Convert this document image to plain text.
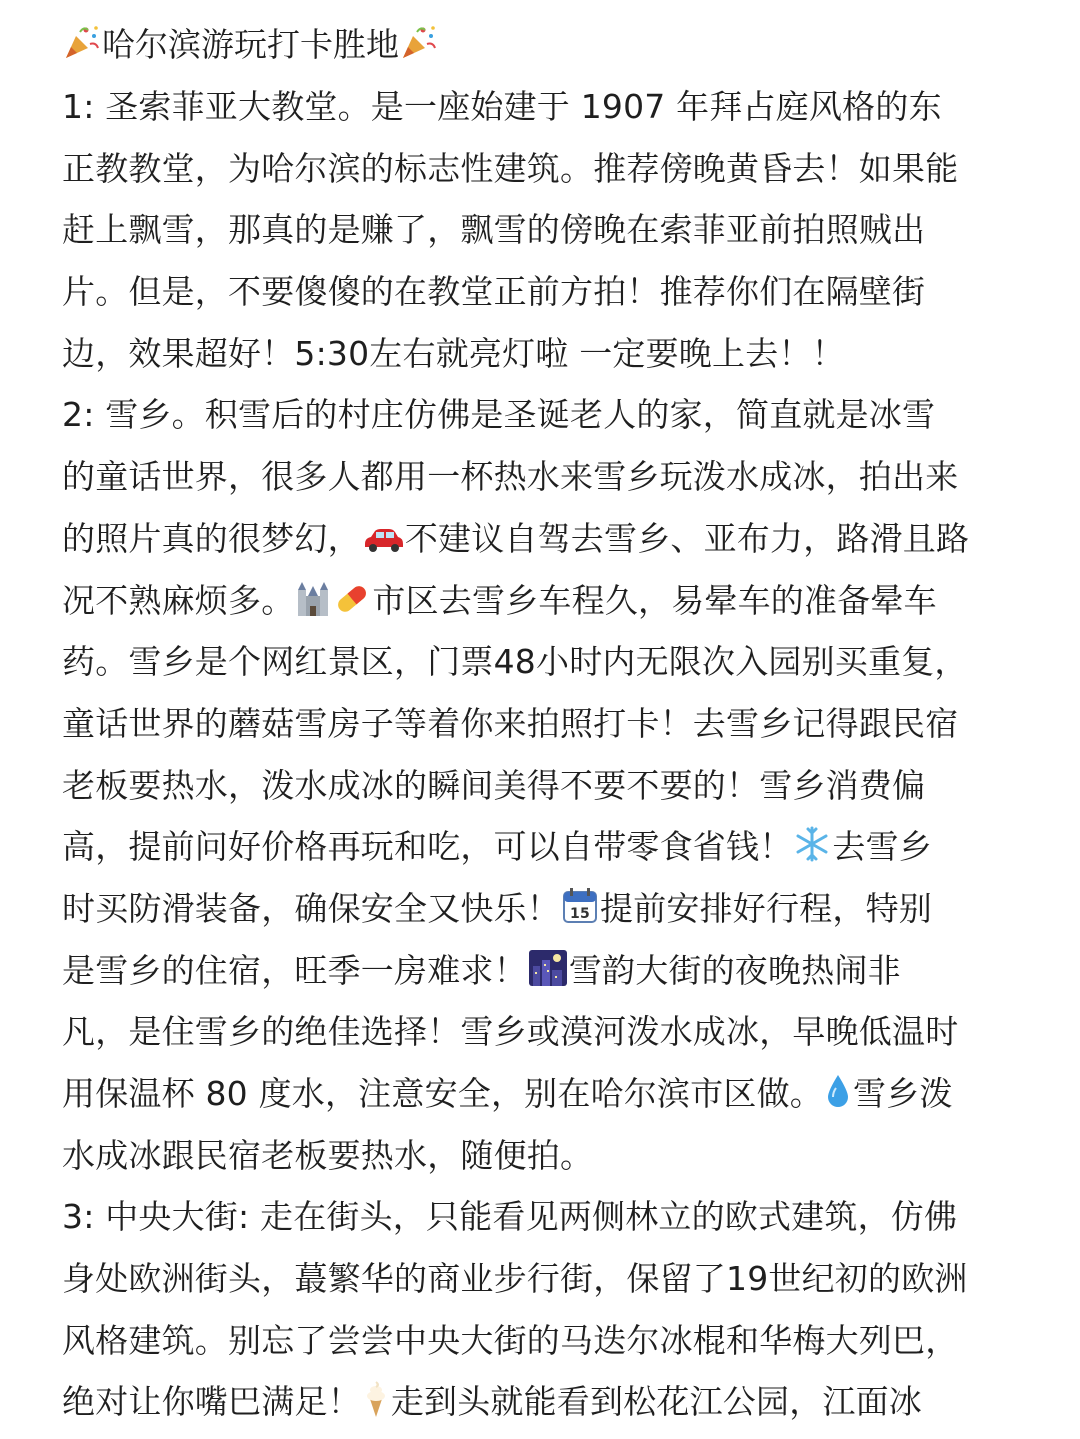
哈尔滨游玩打卡胜地
1: 圣索菲亚大教堂。是一座始建于 1907 年拜占庭风格的东
正教教堂，为哈尔滨的标志性建筑。推荐傍晚黄昏去！如果能
赶上飘雪，那真的是赚了，飘雪的傍晚在索菲亚前拍照贼出
片。但是，不要傻傻的在教堂正前方拍！推荐你们在隔壁街
边，效果超好！5:30左右就亮灯啦 一定要晚上去！！
2: 雪乡。积雪后的村庄仿佛是圣诞老人的家，简直就是冰雪
的童话世界，很多人都用一杯热水来雪乡玩泼水成冰，拍出来
的照片真的很梦幻， 不建议自驾去雪乡、亚布力，路滑且路
况不熟麻烦多。 市区去雪乡车程久，易晕车的准备晕车
药。雪乡是个网红景区，门票48小时内无限次入园别买重复，
童话世界的蘑菇雪房子等着你来拍照打卡！去雪乡记得跟民宿
老板要热水，泼水成冰的瞬间美得不要不要的！雪乡消费偏
高，提前问好价格再玩和吃，可以自带零食省钱！ 去雪乡
时买防滑装备，确保安全又快乐！ 15 提前安排好行程，特别
是雪乡的住宿，旺季一房难求！ 雪韵大街的夜晚热闹非
凡，是住雪乡的绝佳选择！雪乡或漠河泼水成冰，早晚低温时
用保温杯 80 度水，注意安全，别在哈尔滨市区做。 雪乡泼
水成冰跟民宿老板要热水，随便拍。
3: 中央大街: 走在街头，只能看见两侧林立的欧式建筑，仿佛
身处欧洲街头，蕞繁华的商业步行街，保留了19世纪初的欧洲
风格建筑。别忘了尝尝中央大街的马迭尔冰棍和华梅大列巴，
绝对让你嘴巴满足！ 走到头就能看到松花江公园，江面冰
